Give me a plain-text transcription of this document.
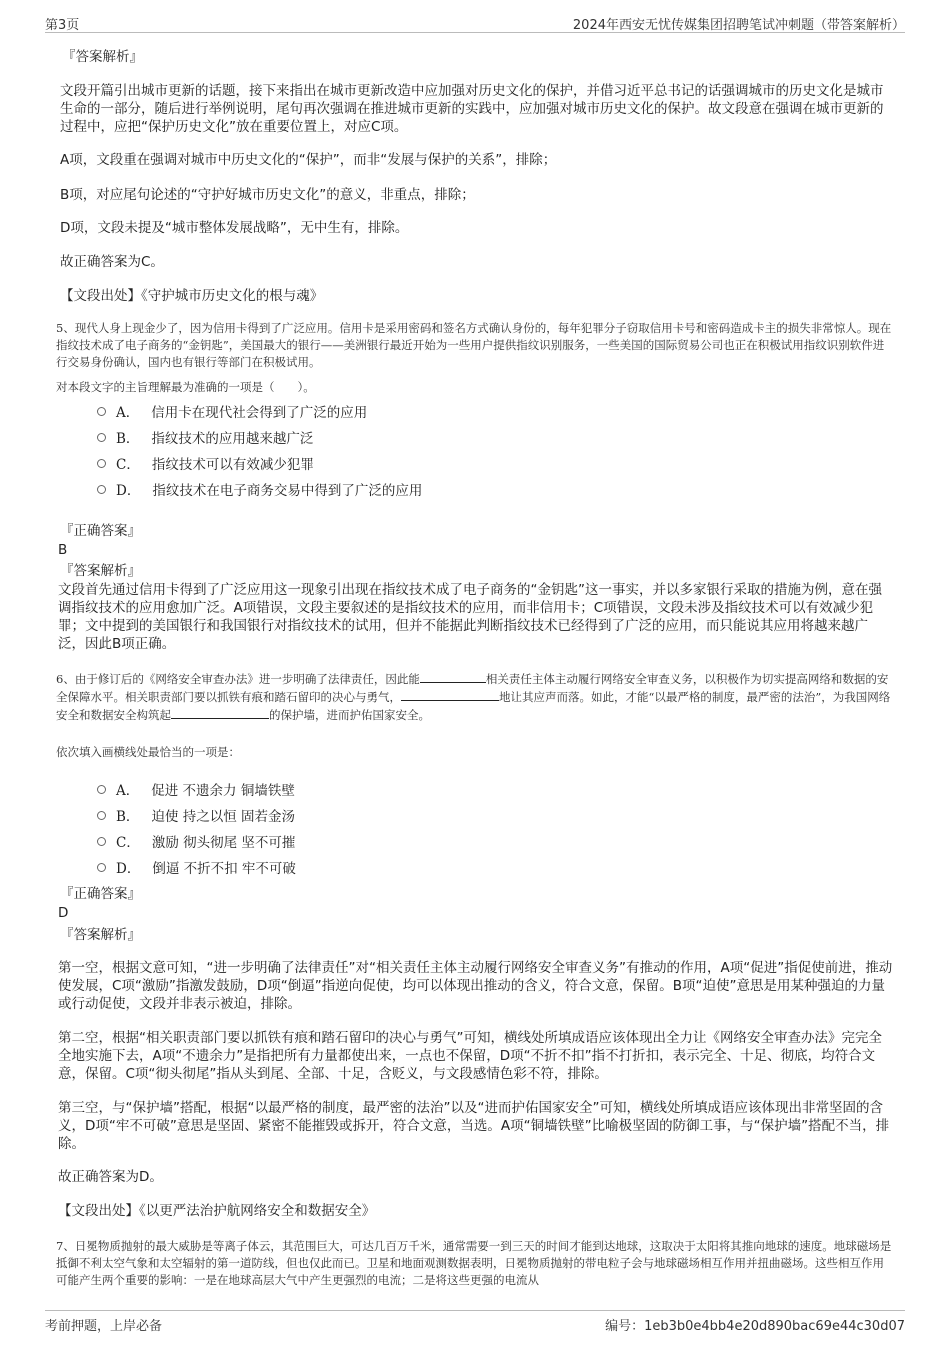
第3页	2024年西安无忧传媒集团招聘笔试冲刺题（带答案解析）
『答案解析』
文段开篇引出城市更新的话题，接下来指出在城市更新改造中应加强对历史文化的保护，并借习近平总书记的话强调城市的历史文化是城市生命的一部分，随后进行举例说明，尾句再次强调在推进城市更新的实践中，应加强对城市历史文化的保护。故文段意在强调在城市更新的过程中，应把“保护历史文化”放在重要位置上，对应C项。
A项，文段重在强调对城市中历史文化的“保护”，而非“发展与保护的关系”，排除；
B项，对应尾句论述的“守护好城市历史文化”的意义，非重点，排除；
D项，文段未提及“城市整体发展战略”，无中生有，排除。
故正确答案为C。
【文段出处】《守护城市历史文化的根与魂》
5、现代人身上现金少了，因为信用卡得到了广泛应用。信用卡是采用密码和签名方式确认身份的，每年犯罪分子窃取信用卡号和密码造成卡主的损失非常惊人。现在指纹技术成了电子商务的“金钥匙”，美国最大的银行——美洲银行最近开始为一些用户提供指纹识别服务，一些美国的国际贸易公司也正在积极试用指纹识别软件进行交易身份确认，国内也有银行等部门在积极试用。
对本段文字的主旨理解最为准确的一项是（　　）。
A． 信用卡在现代社会得到了广泛的应用
B． 指纹技术的应用越来越广泛
C． 指纹技术可以有效减少犯罪
D． 指纹技术在电子商务交易中得到了广泛的应用
『正确答案』
B
『答案解析』
文段首先通过信用卡得到了广泛应用这一现象引出现在指纹技术成了电子商务的“金钥匙”这一事实，并以多家银行采取的措施为例，意在强调指纹技术的应用愈加广泛。A项错误，文段主要叙述的是指纹技术的应用，而非信用卡；C项错误，文段未涉及指纹技术可以有效减少犯罪；文中提到的美国银行和我国银行对指纹技术的试用，但并不能据此判断指纹技术已经得到了广泛的应用，而只能说其应用将越来越广泛，因此B项正确。
6、由于修订后的《网络安全审查办法》进一步明确了法律责任，因此能	相关责任主体主动履行网络安全审查义务，以积极作为切实提高网络和数据的安全保障水平。相关职责部门要以抓铁有痕和踏石留印的决心与勇气，	地让其应声而落。如此，才能“以最严格的制度，最严密的法治”，为我国网络安全和数据安全构筑起	的保护墙，进而护佑国家安全。
依次填入画横线处最恰当的一项是：
A． 促进 不遗余力 铜墙铁壁
B． 迫使 持之以恒 固若金汤
C． 激励 彻头彻尾 坚不可摧
D． 倒逼 不折不扣 牢不可破
『正确答案』
D
『答案解析』
第一空，根据文意可知，“进一步明确了法律责任”对“相关责任主体主动履行网络安全审查义务”有推动的作用，A项“促进”指促使前进，推动使发展，C项“激励”指激发鼓励，D项“倒逼”指逆向促使，均可以体现出推动的含义，符合文意，保留。B项“迫使”意思是用某种强迫的力量或行动促使，文段并非表示被迫，排除。
第二空，根据“相关职责部门要以抓铁有痕和踏石留印的决心与勇气”可知，横线处所填成语应该体现出全力让《网络安全审查办法》完完全全地实施下去，A项“不遗余力”是指把所有力量都使出来，一点也不保留，D项“不折不扣”指不打折扣，表示完全、十足、彻底，均符合文意，保留。C项“彻头彻尾”指从头到尾、全部、十足，含贬义，与文段感情色彩不符，排除。
第三空，与“保护墙”搭配，根据“以最严格的制度，最严密的法治”以及“进而护佑国家安全”可知，横线处所填成语应该体现出非常坚固的含义，D项“牢不可破”意思是坚固、紧密不能摧毁或拆开，符合文意，当选。A项“铜墙铁壁”比喻极坚固的防御工事，与“保护墙”搭配不当，排除。
故正确答案为D。
【文段出处】《以更严法治护航网络安全和数据安全》
7、日冕物质抛射的最大威胁是等离子体云，其范围巨大，可达几百万千米，通常需要一到三天的时间才能到达地球，这取决于太阳将其推向地球的速度。地球磁场是抵御不利太空气象和太空辐射的第一道防线，但也仅此而已。卫星和地面观测数据表明，日冕物质抛射的带电粒子会与地球磁场相互作用并扭曲磁场。这些相互作用可能产生两个重要的影响：一是在地球高层大气中产生更强烈的电流；二是将这些更强的电流从
考前押题，上岸必备	编号：1eb3b0e4bb4e20d890bac69e44c30d07
